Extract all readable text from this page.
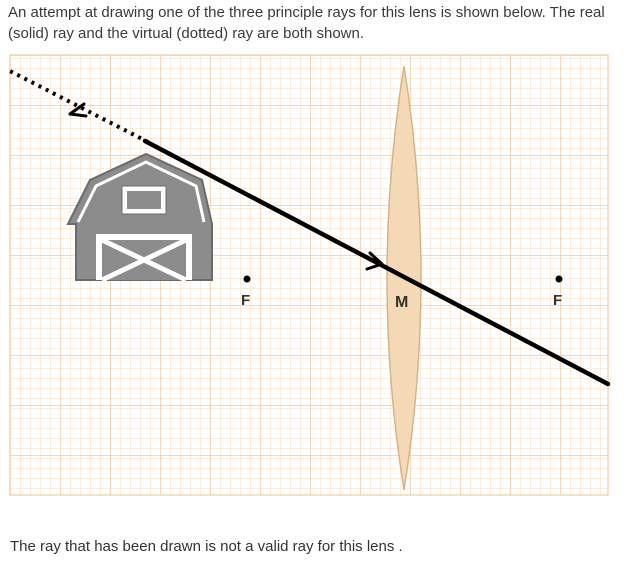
An attempt at drawing one of the three principle rays for this lens is shown below. The real (solid) ray and the virtual (dotted) ray are both shown.
F	M	F
The ray that has been drawn is not a valid ray for this lens .
